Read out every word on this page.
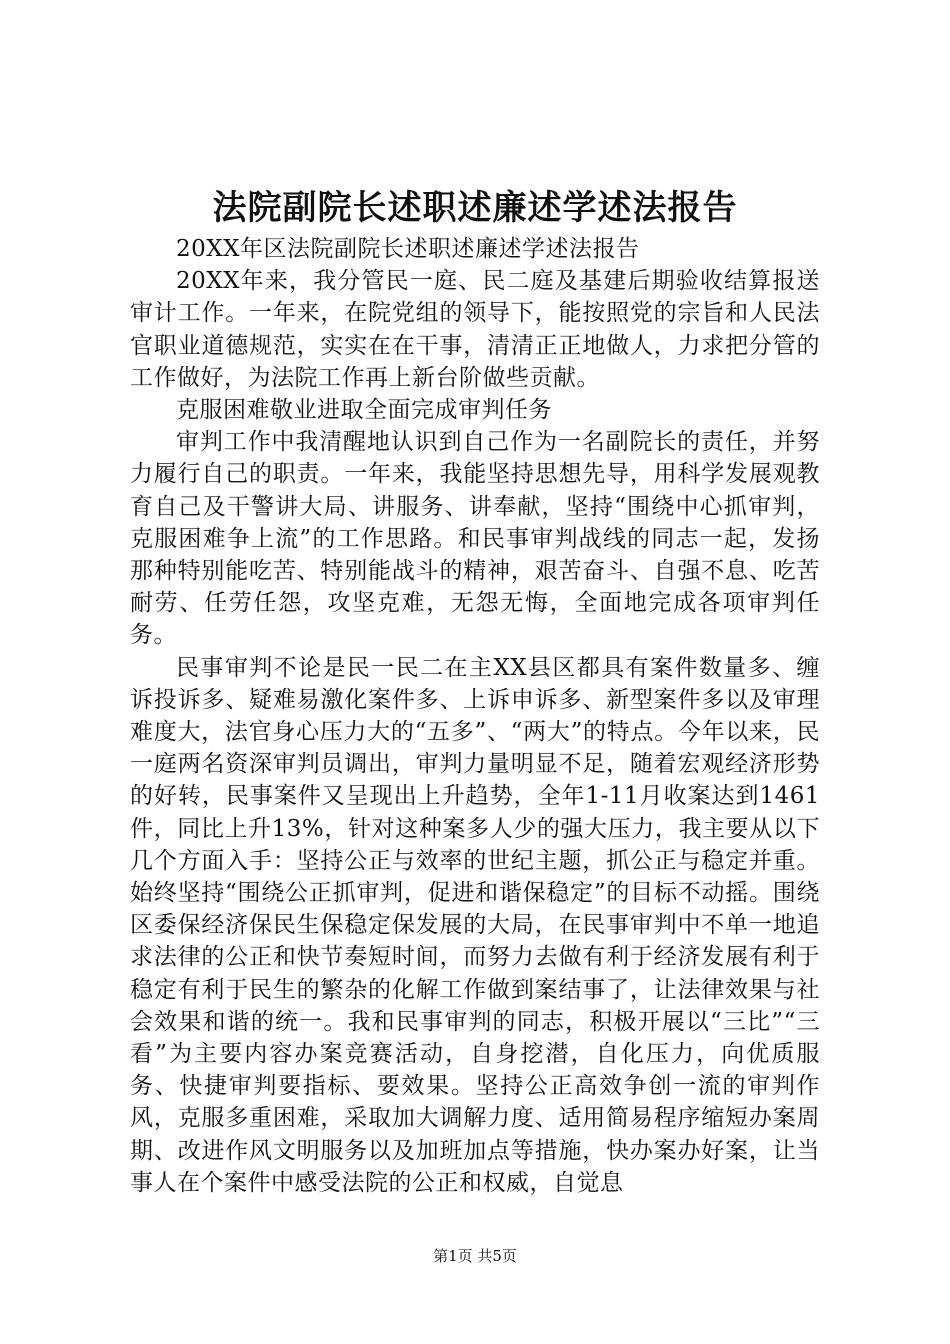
法院副院长述职述廉述学述法报告

20XX年区法院副院长述职述廉述学述法报告

20XX年来，我分管民一庭、民二庭及基建后期验收结算报送审计工作。一年来，在院党组的领导下，能按照党的宗旨和人民法官职业道德规范，实实在在干事，清清正正地做人，力求把分管的工作做好，为法院工作再上新台阶做些贡献。

克服困难敬业进取全面完成审判任务

审判工作中我清醒地认识到自己作为一名副院长的责任，并努力履行自己的职责。一年来，我能坚持思想先导，用科学发展观教育自己及干警讲大局、讲服务、讲奉献，坚持“围绕中心抓审判，克服困难争上流”的工作思路。和民事审判战线的同志一起，发扬那种特别能吃苦、特别能战斗的精神，艰苦奋斗、自强不息、吃苦耐劳、任劳任怨，攻坚克难，无怨无悔，全面地完成各项审判任务。

民事审判不论是民一民二在主XX县区都具有案件数量多、缠诉投诉多、疑难易激化案件多、上诉申诉多、新型案件多以及审理难度大，法官身心压力大的“五多”、“两大”的特点。今年以来，民一庭两名资深审判员调出，审判力量明显不足，随着宏观经济形势的好转，民事案件又呈现出上升趋势，全年1-11月收案达到1461件，同比上升13%，针对这种案多人少的强大压力，我主要从以下几个方面入手：坚持公正与效率的世纪主题，抓公正与稳定并重。始终坚持“围绕公正抓审判，促进和谐保稳定”的目标不动摇。围绕区委保经济保民生保稳定保发展的大局，在民事审判中不单一地追求法律的公正和快节奏短时间，而努力去做有利于经济发展有利于稳定有利于民生的繁杂的化解工作做到案结事了，让法律效果与社会效果和谐的统一。我和民事审判的同志，积极开展以“三比”“三看”为主要内容办案竞赛活动，自身挖潜，自化压力，向优质服务、快捷审判要指标、要效果。坚持公正高效争创一流的审判作风，克服多重困难，采取加大调解力度、适用简易程序缩短办案周期、改进作风文明服务以及加班加点等措施，快办案办好案，让当事人在个案件中感受法院的公正和权威，自觉息

第1页 共5页
